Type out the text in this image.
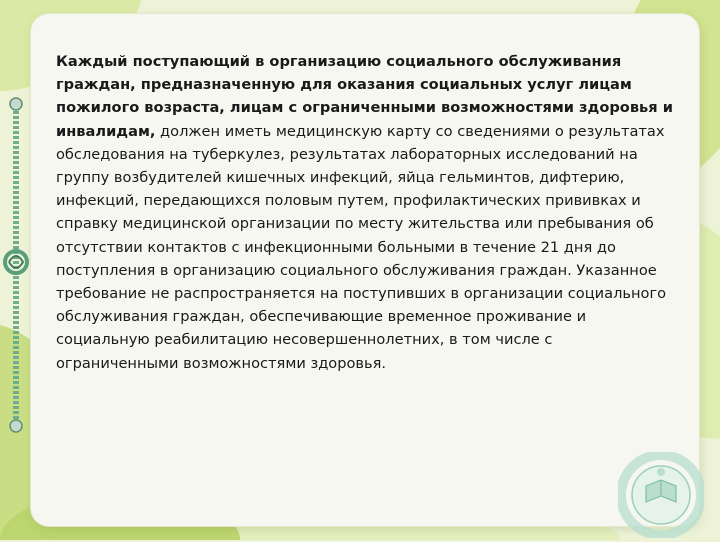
Каждый поступающий в организацию социального обслуживания граждан, предназначенную для оказания социальных услуг лицам пожилого возраста, лицам с ограниченными возможностями здоровья и инвалидам, должен иметь медицинскую карту со сведениями о результатах обследования на туберкулез, результатах лабораторных исследований на группу возбудителей кишечных инфекций, яйца гельминтов, дифтерию, инфекций, передающихся половым путем, профилактических прививках и справку медицинской организации по месту жительства или пребывания об отсутствии контактов с инфекционными больными в течение 21 дня до поступления в организацию социального обслуживания граждан. Указанное требование не распространяется на поступивших в организации социального обслуживания граждан, обеспечивающие временное проживание и социальную реабилитацию несовершеннолетних, в том числе с ограниченными возможностями здоровья.
